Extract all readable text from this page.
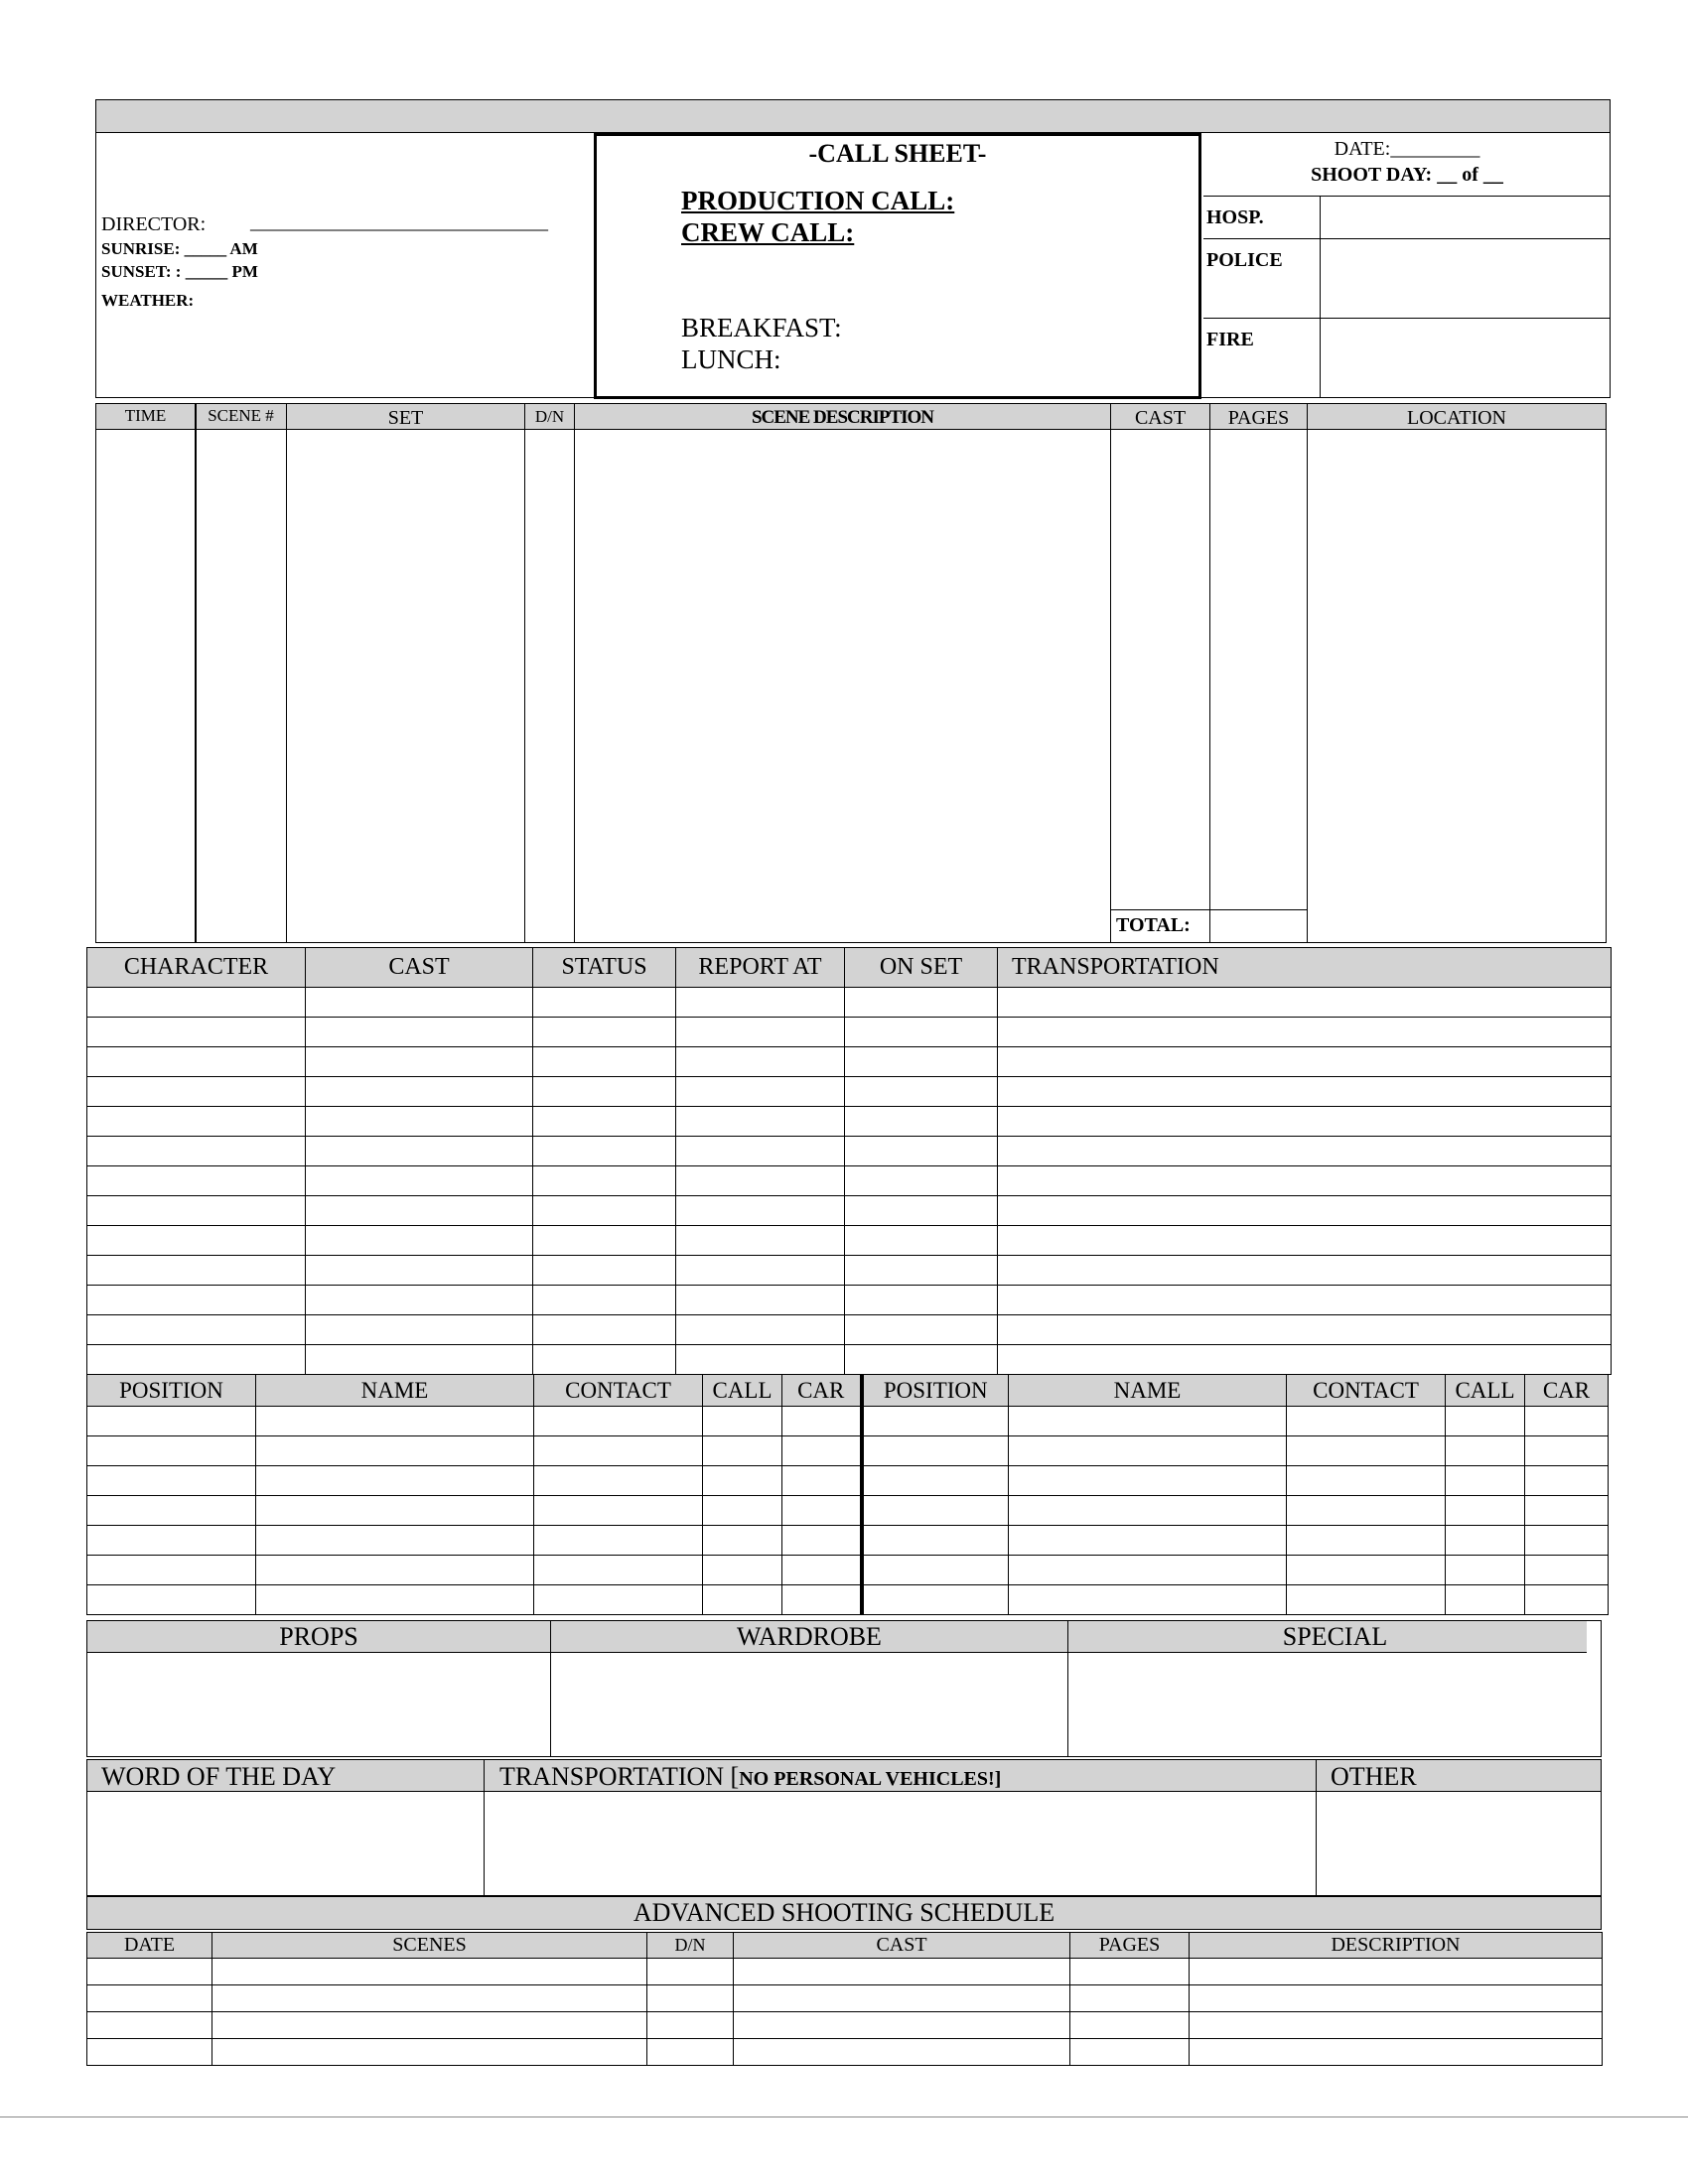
______________________________
DIRECTOR: ______________________________
SUNRISE: _____ AM
SUNSET: : _____ PM
WEATHER:
-CALL SHEET-
PRODUCTION CALL:
CREW CALL:
BREAKFAST:
LUNCH:
DATE:_________
SHOOT DAY: __ of __
HOSP.
POLICE
FIRE
TIME	SCENE #	SET	D/N	SCENE DESCRIPTION	CAST	PAGES	LOCATION
TOTAL:
CHARACTER	CAST	STATUS	REPORT AT	ON SET	TRANSPORTATION

POSITION	NAME	CONTACT	CALL	CAR	POSITION	NAME	CONTACT	CALL	CAR

PROPS	WARDROBE	SPECIAL
WORD OF THE DAY	TRANSPORTATION [NO PERSONAL VEHICLES!]	OTHER
ADVANCED SHOOTING SCHEDULE
DATE	SCENES	D/N	CAST	PAGES	DESCRIPTION
